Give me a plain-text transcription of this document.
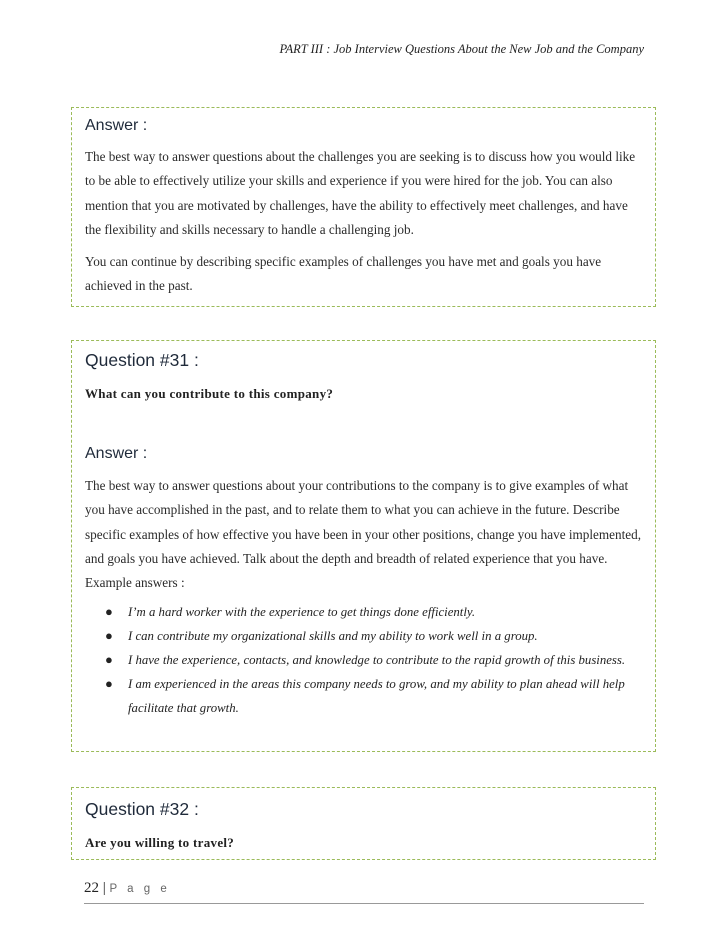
PART III : Job Interview Questions About the New Job and the Company
Answer :

The best way to answer questions about the challenges you are seeking is to discuss how you would like to be able to effectively utilize your skills and experience if you were hired for the job. You can also mention that you are motivated by challenges, have the ability to effectively meet challenges, and have the flexibility and skills necessary to handle a challenging job.

You can continue by describing specific examples of challenges you have met and goals you have achieved in the past.

Question #31 :
What can you contribute to this company?
Answer :

The best way to answer questions about your contributions to the company is to give examples of what you have accomplished in the past, and to relate them to what you can achieve in the future. Describe specific examples of how effective you have been in your other positions, change you have implemented, and goals you have achieved. Talk about the depth and breadth of related experience that you have. Example answers :

● I’m a hard worker with the experience to get things done efficiently.
● I can contribute my organizational skills and my ability to work well in a group.
● I have the experience, contacts, and knowledge to contribute to the rapid growth of this business.
● I am experienced in the areas this company needs to grow, and my ability to plan ahead will help facilitate that growth.
Question #32 :
Are you willing to travel?
22 | P a g e
